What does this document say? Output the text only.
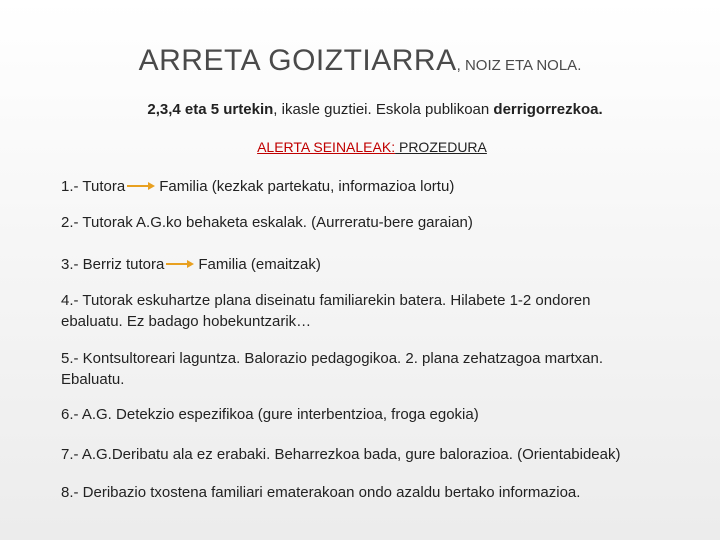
ARRETA GOIZTIARRA, NOIZ ETA NOLA.
2,3,4 eta 5 urtekin, ikasle guztiei. Eskola publikoan derrigorrezkoa.
ALERTA SEINALEAK: PROZEDURA
1.- Tutora Familia (kezkak partekatu, informazioa lortu)
2.- Tutorak A.G.ko behaketa eskalak. (Aurreratu-bere garaian)
3.- Berriz tutora Familia (emaitzak)
4.- Tutorak eskuhartze plana diseinatu familiarekin batera. Hilabete 1-2 ondoren
ebaluatu. Ez badago hobekuntzarik…
5.- Kontsultoreari laguntza. Balorazio pedagogikoa. 2. plana zehatzagoa martxan.
Ebaluatu.
6.- A.G. Detekzio espezifikoa (gure interbentzioa, froga egokia)
7.- A.G.Deribatu ala ez erabaki. Beharrezkoa bada, gure balorazioa. (Orientabideak)
8.- Deribazio txostena familiari ematerakoan ondo azaldu bertako informazioa.
